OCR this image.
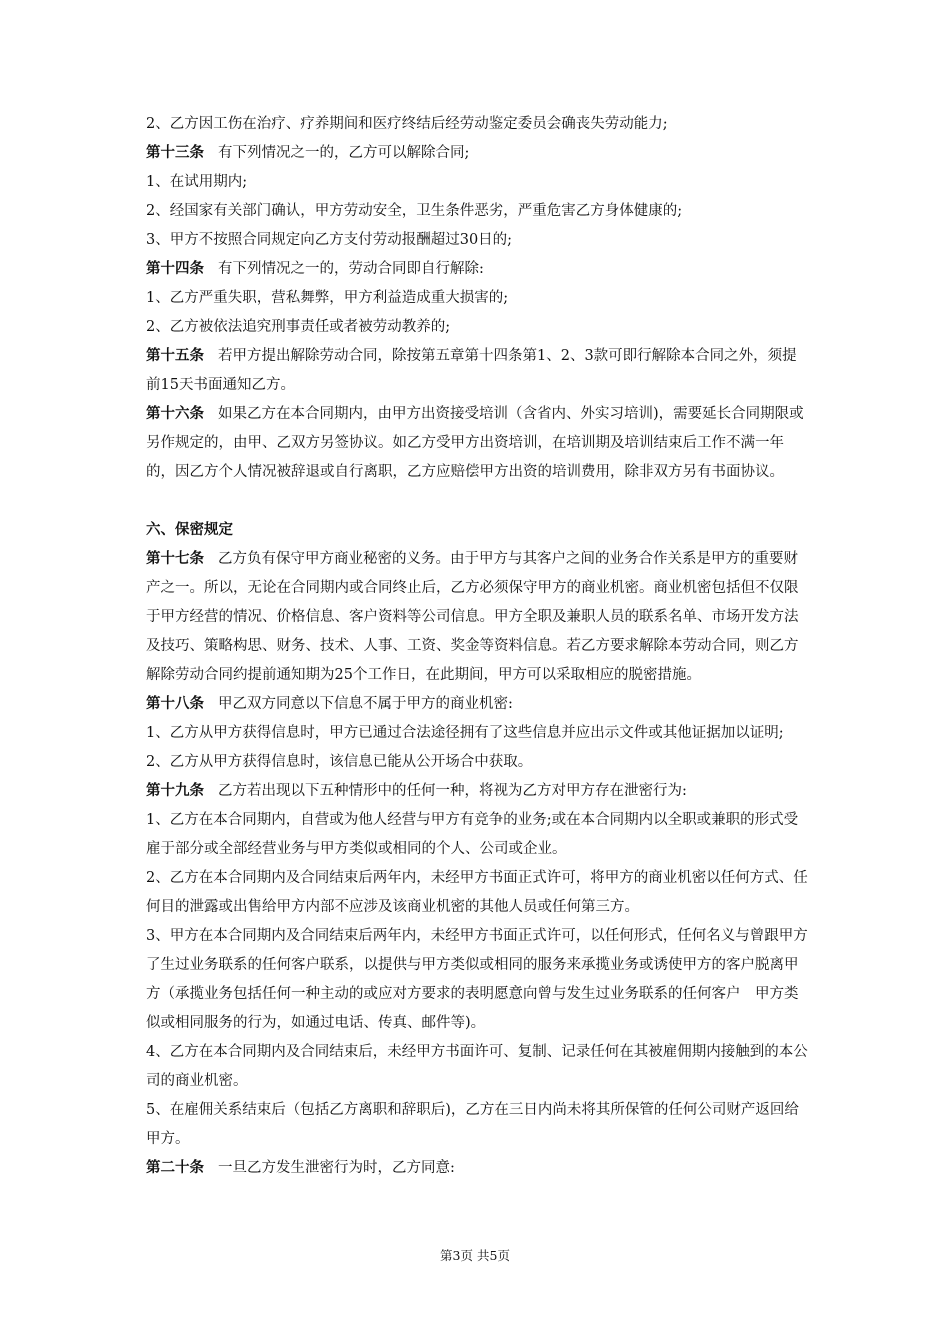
2、乙方因工伤在治疗、疗养期间和医疗终结后经劳动鉴定委员会确丧失劳动能力;

第十三条 有下列情况之一的，乙方可以解除合同;

1、在试用期内;

2、经国家有关部门确认，甲方劳动安全，卫生条件恶劣，严重危害乙方身体健康的;

3、甲方不按照合同规定向乙方支付劳动报酬超过30日的;

第十四条 有下列情况之一的，劳动合同即自行解除:

1、乙方严重失职，营私舞弊，甲方利益造成重大损害的;

2、乙方被依法追究刑事责任或者被劳动教养的;

第十五条 若甲方提出解除劳动合同，除按第五章第十四条第1、2、3款可即行解除本合同之外，须提前15天书面通知乙方。

第十六条 如果乙方在本合同期内，由甲方出资接受培训（含省内、外实习培训)，需要延长合同期限或另作规定的，由甲、乙双方另签协议。如乙方受甲方出资培训，在培训期及培训结束后工作不满一年的，因乙方个人情况被辞退或自行离职，乙方应赔偿甲方出资的培训费用，除非双方另有书面协议。

六、保密规定

第十七条 乙方负有保守甲方商业秘密的义务。由于甲方与其客户之间的业务合作关系是甲方的重要财产之一。所以，无论在合同期内或合同终止后，乙方必须保守甲方的商业机密。商业机密包括但不仅限于甲方经营的情况、价格信息、客户资料等公司信息。甲方全职及兼职人员的联系名单、市场开发方法及技巧、策略构思、财务、技术、人事、工资、奖金等资料信息。若乙方要求解除本劳动合同，则乙方解除劳动合同约提前通知期为25个工作日，在此期间，甲方可以采取相应的脱密措施。

第十八条 甲乙双方同意以下信息不属于甲方的商业机密:

1、乙方从甲方获得信息时，甲方已通过合法途径拥有了这些信息并应出示文件或其他证据加以证明;

2、乙方从甲方获得信息时，该信息已能从公开场合中获取。

第十九条 乙方若出现以下五种情形中的任何一种，将视为乙方对甲方存在泄密行为:

1、乙方在本合同期内，自营或为他人经营与甲方有竞争的业务;或在本合同期内以全职或兼职的形式受雇于部分或全部经营业务与甲方类似或相同的个人、公司或企业。

2、乙方在本合同期内及合同结束后两年内，未经甲方书面正式许可，将甲方的商业机密以任何方式、任何目的泄露或出售给甲方内部不应涉及该商业机密的其他人员或任何第三方。

3、甲方在本合同期内及合同结束后两年内，未经甲方书面正式许可，以任何形式，任何名义与曾跟甲方了生过业务联系的任何客户联系，以提供与甲方类似或相同的服务来承揽业务或诱使甲方的客户脱离甲方（承揽业务包括任何一种主动的或应对方要求的表明愿意向曾与发生过业务联系的任何客户　甲方类似或相同服务的行为，如通过电话、传真、邮件等)。

4、乙方在本合同期内及合同结束后，未经甲方书面许可、复制、记录任何在其被雇佣期内接触到的本公司的商业机密。

5、在雇佣关系结束后（包括乙方离职和辞职后)，乙方在三日内尚未将其所保管的任何公司财产返回给甲方。

第二十条 一旦乙方发生泄密行为时，乙方同意:

第3页 共5页
